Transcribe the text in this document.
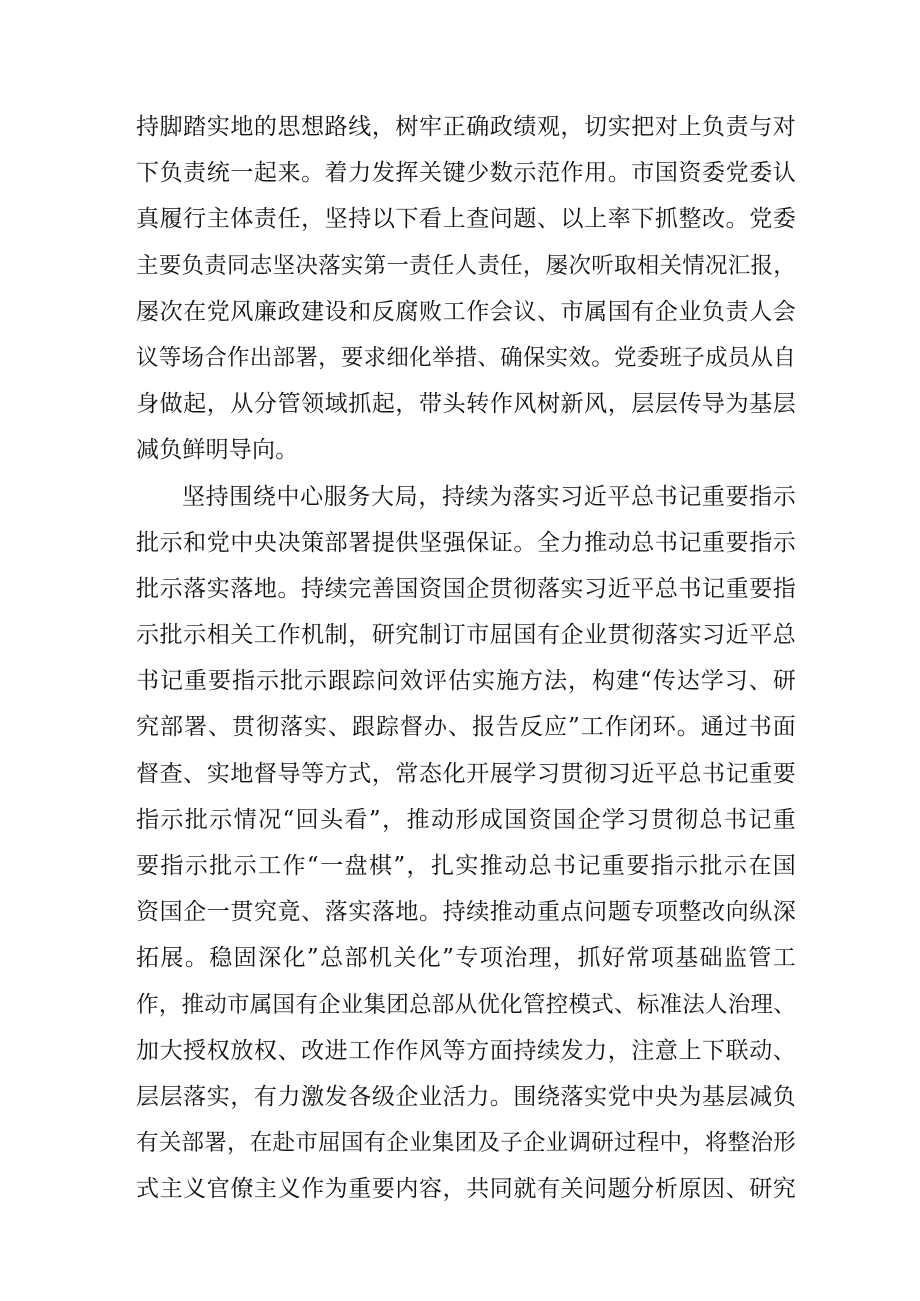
持脚踏实地的思想路线，树牢正确政绩观，切实把对上负责与对
下负责统一起来。着力发挥关键少数示范作用。市国资委党委认
真履行主体责任，坚持以下看上查问题、以上率下抓整改。党委
主要负责同志坚决落实第一责任人责任，屡次听取相关情况汇报，
屡次在党风廉政建设和反腐败工作会议、市属国有企业负责人会
议等场合作出部署，要求细化举措、确保实效。党委班子成员从自
身做起，从分管领域抓起，带头转作风树新风，层层传导为基层
减负鲜明导向。
坚持围绕中心服务大局，持续为落实习近平总书记重要指示
批示和党中央决策部署提供坚强保证。全力推动总书记重要指示
批示落实落地。持续完善国资国企贯彻落实习近平总书记重要指
示批示相关工作机制，研究制订市屈国有企业贯彻落实习近平总
书记重要指示批示跟踪问效评估实施方法，构建“传达学习、研
究部署、贯彻落实、跟踪督办、报告反应”工作闭环。通过书面
督查、实地督导等方式，常态化开展学习贯彻习近平总书记重要
指示批示情况“回头看”，推动形成国资国企学习贯彻总书记重
要指示批示工作“一盘棋”，扎实推动总书记重要指示批示在国
资国企一贯究竟、落实落地。持续推动重点问题专项整改向纵深
拓展。稳固深化”总部机关化”专项治理，抓好常项基础监管工
作，推动市属国有企业集团总部从优化管控模式、标准法人治理、
加大授权放权、改进工作作风等方面持续发力，注意上下联动、
层层落实，有力激发各级企业活力。围绕落实党中央为基层减负
有关部署，在赴市屈国有企业集团及子企业调研过程中，将整治形
式主义官僚主义作为重要内容，共同就有关问题分析原因、研究
